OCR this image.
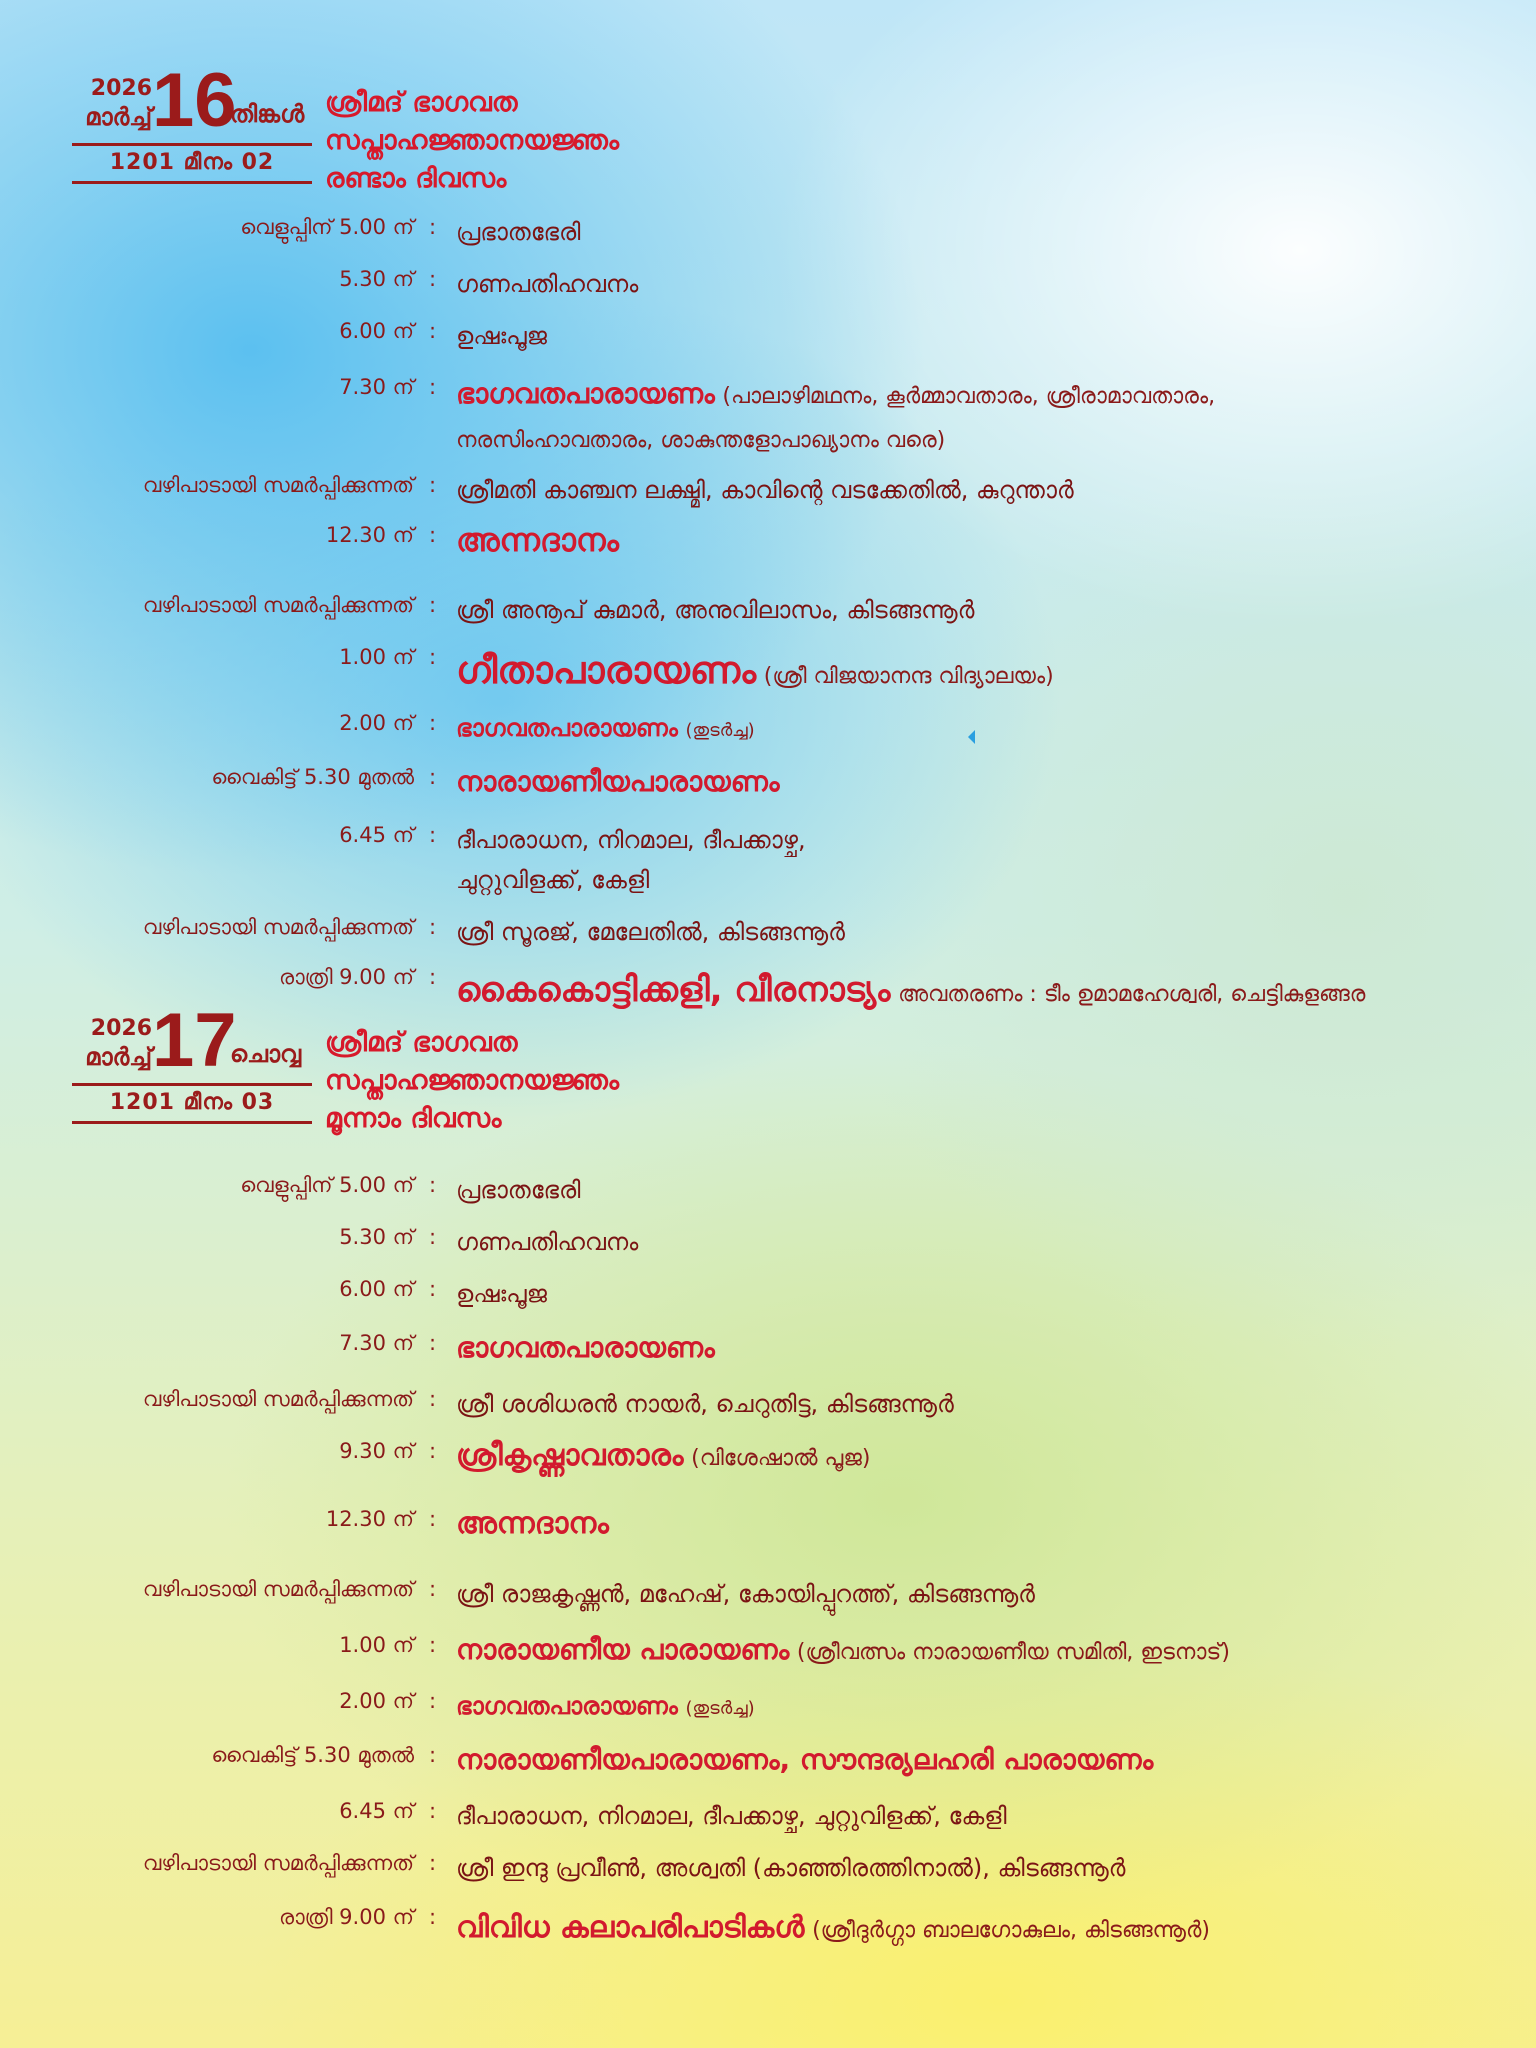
2026
മാർച്ച് 16
തിങ്കൾ
1201 മീനം 02
ശ്രീമദ് ഭാഗവത
സപ്താഹജ്ഞാനയജ്ഞം
രണ്ടാം ദിവസം
വെളുപ്പിന് 5.00 ന് : പ്രഭാതഭേരി
5.30 ന് : ഗണപതിഹവനം
6.00 ന് : ഉഷഃപൂജ
7.30 ന് : ഭാഗവതപാരായണം (പാലാഴിമഥനം, കൂർമ്മാവതാരം, ശ്രീരാമാവതാരം,
നരസിംഹാവതാരം, ശാകുന്തളോപാഖ്യാനം വരെ)
വഴിപാടായി സമർപ്പിക്കുന്നത് : ശ്രീമതി കാഞ്ചന ലക്ഷ്മി, കാവിന്റെ വടക്കേതിൽ, കുറുന്താർ
12.30 ന് : അന്നദാനം
വഴിപാടായി സമർപ്പിക്കുന്നത് : ശ്രീ അനൂപ് കുമാർ, അനുവിലാസം, കിടങ്ങന്നൂർ
1.00 ന് : ഗീതാപാരായണം (ശ്രീ വിജയാനന്ദ വിദ്യാലയം)
2.00 ന് : ഭാഗവതപാരായണം (തുടർച്ച)
വൈകിട്ട് 5.30 മുതൽ : നാരായണീയപാരായണം
6.45 ന് : ദീപാരാധന, നിറമാല, ദീപക്കാഴ്ച,
ചുറ്റുവിളക്ക്, കേളി
വഴിപാടായി സമർപ്പിക്കുന്നത് : ശ്രീ സൂരജ്, മേലേതിൽ, കിടങ്ങന്നൂർ
രാത്രി 9.00 ന് : കൈകൊട്ടിക്കളി, വീരനാട്യം അവതരണം : ടീം ഉമാമഹേശ്വരി, ചെട്ടികുളങ്ങര
2026
മാർച്ച് 17
ചൊവ്വ
1201 മീനം 03
ശ്രീമദ് ഭാഗവത
സപ്താഹജ്ഞാനയജ്ഞം
മൂന്നാം ദിവസം
വെളുപ്പിന് 5.00 ന് : പ്രഭാതഭേരി
5.30 ന് : ഗണപതിഹവനം
6.00 ന് : ഉഷഃപൂജ
7.30 ന് : ഭാഗവതപാരായണം
വഴിപാടായി സമർപ്പിക്കുന്നത് : ശ്രീ ശശിധരൻ നായർ, ചെറുതിട്ട, കിടങ്ങന്നൂർ
9.30 ന് : ശ്രീകൃഷ്ണാവതാരം (വിശേഷാൽ പൂജ)
12.30 ന് : അന്നദാനം
വഴിപാടായി സമർപ്പിക്കുന്നത് : ശ്രീ രാജകൃഷ്ണൻ, മഹേഷ്, കോയിപ്പുറത്ത്, കിടങ്ങന്നൂർ
1.00 ന് : നാരായണീയ പാരായണം (ശ്രീവത്സം നാരായണീയ സമിതി, ഇടനാട്)
2.00 ന് : ഭാഗവതപാരായണം (തുടർച്ച)
വൈകിട്ട് 5.30 മുതൽ : നാരായണീയപാരായണം, സൗന്ദര്യലഹരി പാരായണം
6.45 ന് : ദീപാരാധന, നിറമാല, ദീപക്കാഴ്ച, ചുറ്റുവിളക്ക്, കേളി
വഴിപാടായി സമർപ്പിക്കുന്നത് : ശ്രീ ഇന്ദു പ്രവീൺ, അശ്വതി (കാഞ്ഞിരത്തിനാൽ), കിടങ്ങന്നൂർ
രാത്രി 9.00 ന് : വിവിധ കലാപരിപാടികൾ (ശ്രീദുർഗ്ഗാ ബാലഗോകുലം, കിടങ്ങന്നൂർ)
